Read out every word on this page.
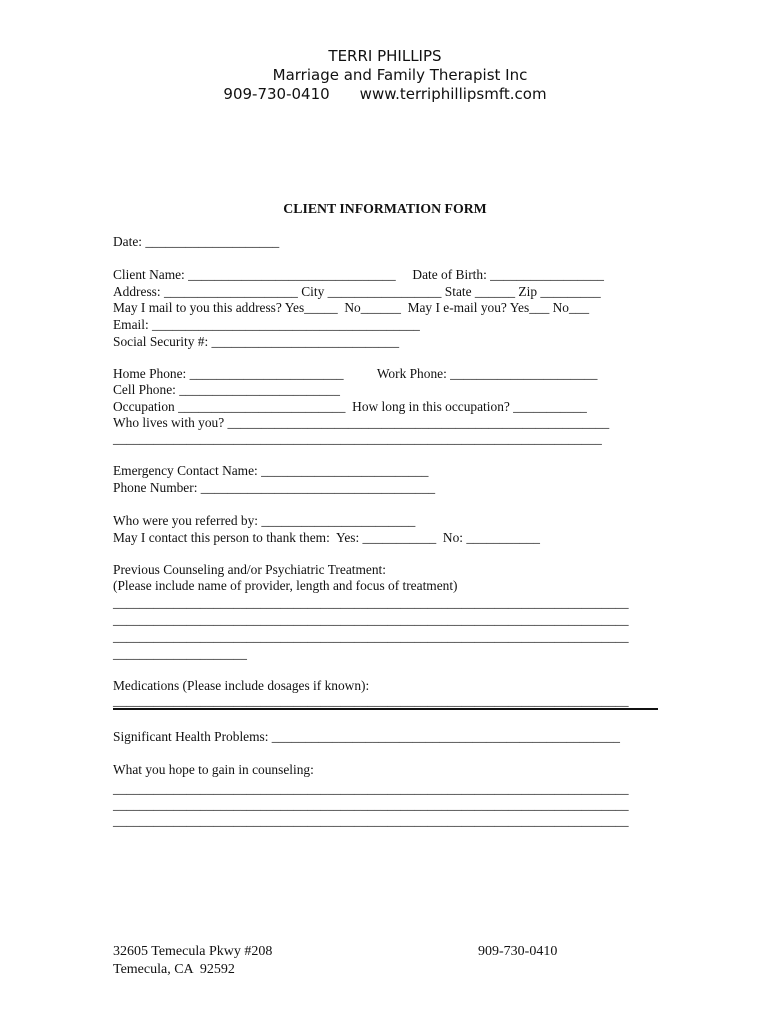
TERRI PHILLIPS
Marriage and Family Therapist Inc
909-730-0410 www.terriphillipsmft.com
CLIENT INFORMATION FORM
Date: ____________________
Client Name: _______________________________     Date of Birth: _________________
Address: ____________________ City _________________ State ______ Zip _________
May I mail to you this address? Yes_____  No______  May I e-mail you? Yes___ No___
Email: ________________________________________
Social Security #: ____________________________
Home Phone: _______________________          Work Phone: ______________________
Cell Phone: ________________________
Occupation _________________________  How long in this occupation? ___________
Who lives with you? _________________________________________________________
_________________________________________________________________________
Emergency Contact Name: _________________________
Phone Number: ___________________________________
Who were you referred by: _______________________
May I contact this person to thank them:  Yes: ___________  No: ___________
Previous Counseling and/or Psychiatric Treatment:
(Please include name of provider, length and focus of treatment)
_____________________________________________________________________________
_____________________________________________________________________________
_____________________________________________________________________________
____________________
Medications (Please include dosages if known):
_____________________________________________________________________________
Significant Health Problems: ____________________________________________________
What you hope to gain in counseling:
_____________________________________________________________________________
_____________________________________________________________________________
_____________________________________________________________________________
32605 Temecula Pkwy #208
Temecula, CA  92592
909-730-0410
